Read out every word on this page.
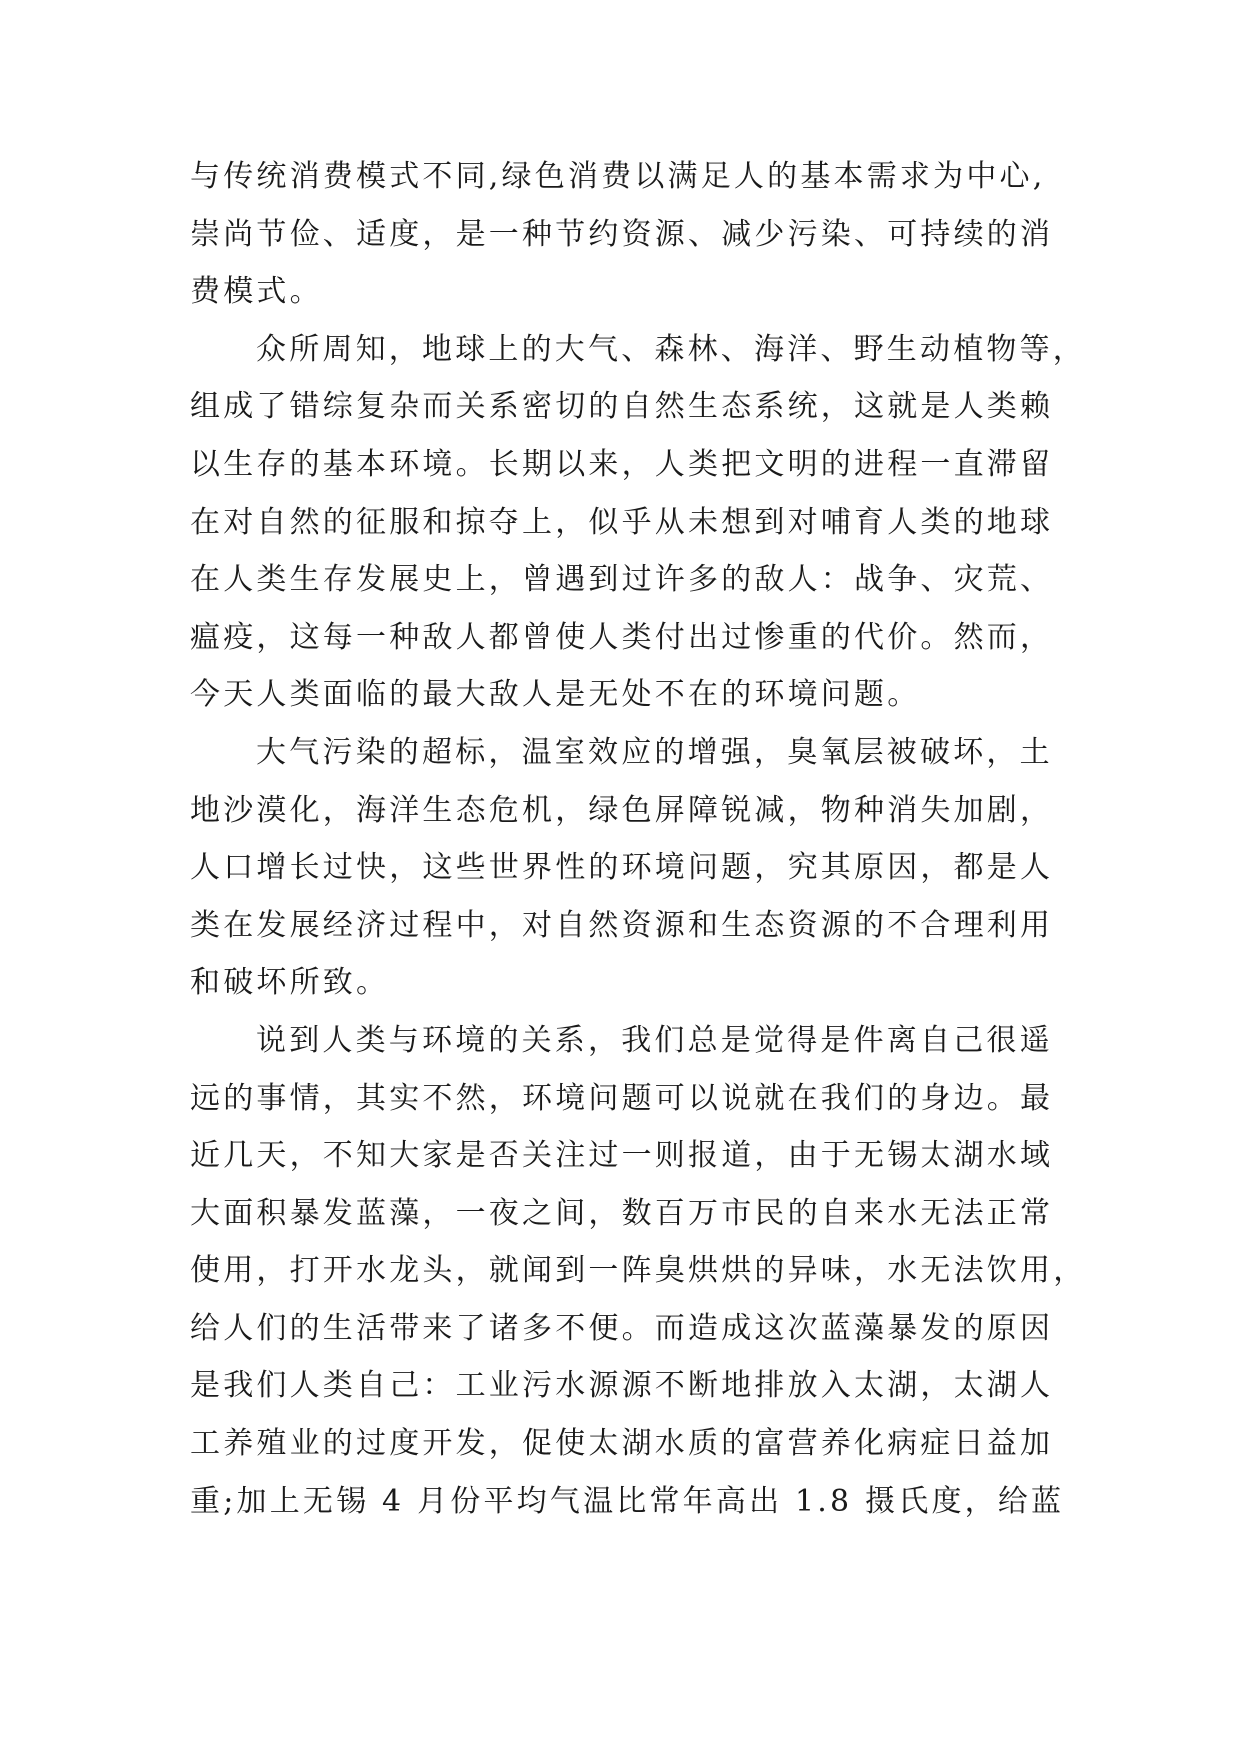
与传统消费模式不同,绿色消费以满足人的基本需求为中心,

崇尚节俭、适度，是一种节约资源、减少污染、可持续的消

费模式。

众所周知，地球上的大气、森林、海洋、野生动植物等，

组成了错综复杂而关系密切的自然生态系统，这就是人类赖

以生存的基本环境。长期以来，人类把文明的进程一直滞留

在对自然的征服和掠夺上，似乎从未想到对哺育人类的地球

在人类生存发展史上，曾遇到过许多的敌人：战争、灾荒、

瘟疫，这每一种敌人都曾使人类付出过惨重的代价。然而，

今天人类面临的最大敌人是无处不在的环境问题。

大气污染的超标，温室效应的增强，臭氧层被破坏，土

地沙漠化，海洋生态危机，绿色屏障锐减，物种消失加剧，

人口增长过快，这些世界性的环境问题，究其原因，都是人

类在发展经济过程中，对自然资源和生态资源的不合理利用

和破坏所致。

说到人类与环境的关系，我们总是觉得是件离自己很遥

远的事情，其实不然，环境问题可以说就在我们的身边。最

近几天，不知大家是否关注过一则报道，由于无锡太湖水域

大面积暴发蓝藻，一夜之间，数百万市民的自来水无法正常

使用，打开水龙头，就闻到一阵臭烘烘的异味，水无法饮用，

给人们的生活带来了诸多不便。而造成这次蓝藻暴发的原因

是我们人类自己：工业污水源源不断地排放入太湖，太湖人

工养殖业的过度开发，促使太湖水质的富营养化病症日益加

重;加上无锡 4 月份平均气温比常年高出 1.8 摄氏度，给蓝
